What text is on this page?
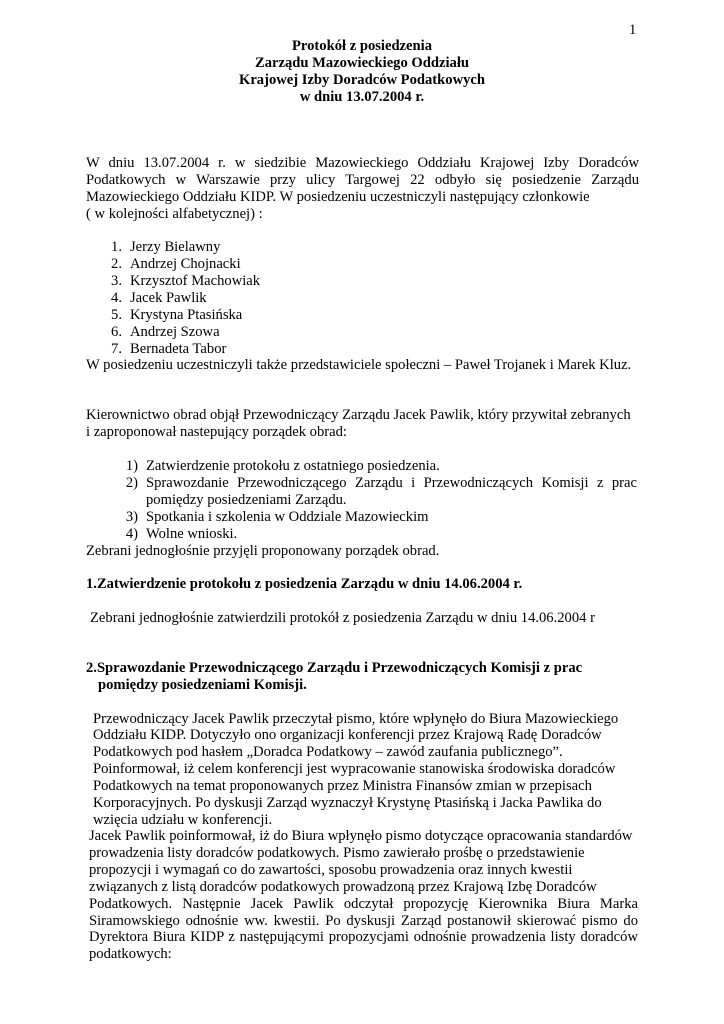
1
Protokół z posiedzenia
Zarządu Mazowieckiego Oddziału
Krajowej Izby Doradców Podatkowych
w dniu 13.07.2004 r.
W dniu 13.07.2004 r. w siedzibie Mazowieckiego Oddziału Krajowej Izby Doradców
Podatkowych w Warszawie przy ulicy Targowej 22 odbyło się posiedzenie Zarządu
Mazowieckiego Oddziału KIDP. W posiedzeniu uczestniczyli następujący członkowie
( w kolejności alfabetycznej) :
1. Jerzy Bielawny
2. Andrzej Chojnacki
3. Krzysztof Machowiak
4. Jacek Pawlik
5. Krystyna Ptasińska
6. Andrzej Szowa
7. Bernadeta Tabor
W posiedzeniu uczestniczyli także przedstawiciele społeczni – Paweł Trojanek i Marek Kluz.
Kierownictwo obrad objął Przewodniczący Zarządu Jacek Pawlik, który przywitał zebranych
i zaproponował nastepujący porządek obrad:
1) Zatwierdzenie protokołu z ostatniego posiedzenia.
2) Sprawozdanie Przewodniczącego Zarządu i Przewodniczących Komisji z prac
pomiędzy posiedzeniami Zarządu.
3) Spotkania i szkolenia w Oddziale Mazowieckim
4) Wolne wnioski.
Zebrani jednogłośnie przyjęli proponowany porządek obrad.
1.Zatwierdzenie protokołu z posiedzenia Zarządu w dniu 14.06.2004 r.
Zebrani jednogłośnie zatwierdzili protokół z posiedzenia Zarządu w dniu 14.06.2004 r
2.Sprawozdanie Przewodniczącego Zarządu i Przewodniczących Komisji z prac
pomiędzy posiedzeniami Komisji.
Przewodniczący Jacek Pawlik przeczytał pismo, które wpłynęło do Biura Mazowieckiego
Oddziału KIDP. Dotyczyło ono organizacji konferencji przez Krajową Radę Doradców
Podatkowych pod hasłem „Doradca Podatkowy – zawód zaufania publicznego”.
Poinformował, iż celem konferencji jest wypracowanie stanowiska środowiska doradców
Podatkowych na temat proponowanych przez Ministra Finansów zmian w przepisach
Korporacyjnych. Po dyskusji Zarząd wyznaczył Krystynę Ptasińską i Jacka Pawlika do
wzięcia udziału w konferencji.
Jacek Pawlik poinformował, iż do Biura wpłynęło pismo dotyczące opracowania standardów
prowadzenia listy doradców podatkowych. Pismo zawierało prośbę o przedstawienie
propozycji i wymagań co do zawartości, sposobu prowadzenia oraz innych kwestii
związanych z listą doradców podatkowych prowadzoną przez Krajową Izbę Doradców
Podatkowych. Następnie Jacek Pawlik odczytał propozycję Kierownika Biura Marka
Siramowskiego odnośnie ww. kwestii. Po dyskusji Zarząd postanowił skierować pismo do
Dyrektora Biura KIDP z następującymi propozycjami odnośnie prowadzenia listy doradców
podatkowych:
